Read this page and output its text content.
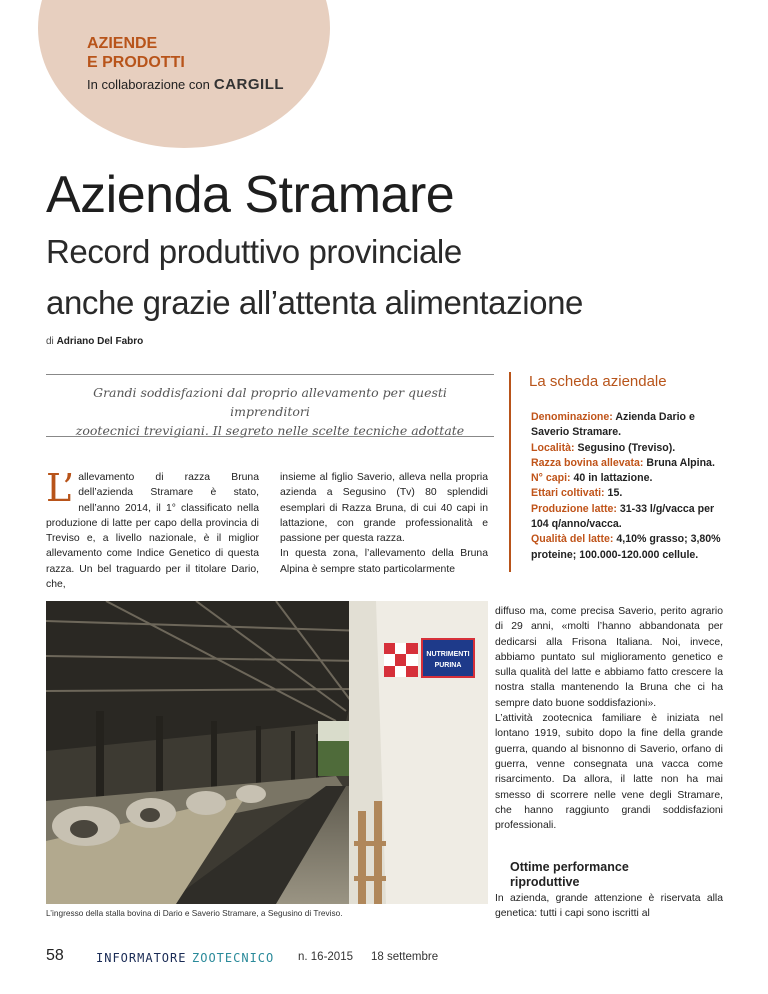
AZIENDE
E PRODOTTI
In collaborazione con CARGILL
Azienda Stramare
Record produttivo provinciale
anche grazie all’attenta alimentazione
di Adriano Del Fabro
Grandi soddisfazioni dal proprio allevamento per questi imprenditori
zootecnici trevigiani. Il segreto nelle scelte tecniche adottate
L’ allevamento di razza Bruna dell’azienda Stramare è stato, nell’anno 2014, il 1° classificato nella produzione di latte per capo della provincia di Treviso e, a livello nazionale, è il miglior allevamento come Indice Genetico di questa razza. Un bel traguardo per il titolare Dario, che,
insieme al figlio Saverio, alleva nella propria azienda a Segusino (Tv) 80 splendidi esemplari di Razza Bruna, di cui 40 capi in lattazione, con grande professionalità e passione per questa razza.
In questa zona, l’allevamento della Bruna Alpina è sempre stato particolarmente
La scheda aziendale
Denominazione: Azienda Dario e Saverio Stramare.
Località: Segusino (Treviso).
Razza bovina allevata: Bruna Alpina.
N° capi: 40 in lattazione.
Ettari coltivati: 15.
Produzione latte: 31-33 l/g/vacca per 104 q/anno/vacca.
Qualità del latte: 4,10% grasso; 3,80% proteine; 100.000-120.000 cellule.
NUTRIMENTI
PURINA
L’ingresso della stalla bovina di Dario e Saverio Stramare, a Segusino di Treviso.
diffuso ma, come precisa Saverio, perito agrario di 29 anni, «molti l’hanno abbandonata per dedicarsi alla Frisona Italiana. Noi, invece, abbiamo puntato sul miglioramento genetico e sulla qualità del latte e abbiamo fatto crescere la nostra stalla mantenendo la Bruna che ci ha sempre dato buone soddisfazioni».
L’attività zootecnica familiare è iniziata nel lontano 1919, subito dopo la fine della grande guerra, quando al bisnonno di Saverio, orfano di guerra, venne consegnata una vacca come risarcimento. Da allora, il latte non ha mai smesso di scorrere nelle vene degli Stramare, che hanno raggiunto grandi soddisfazioni professionali.
Ottime performance
riproduttive
In azienda, grande attenzione è riservata alla genetica: tutti i capi sono iscritti al
58	INFORMATORE ZOOTECNICO n. 16-2015 18 settembre
